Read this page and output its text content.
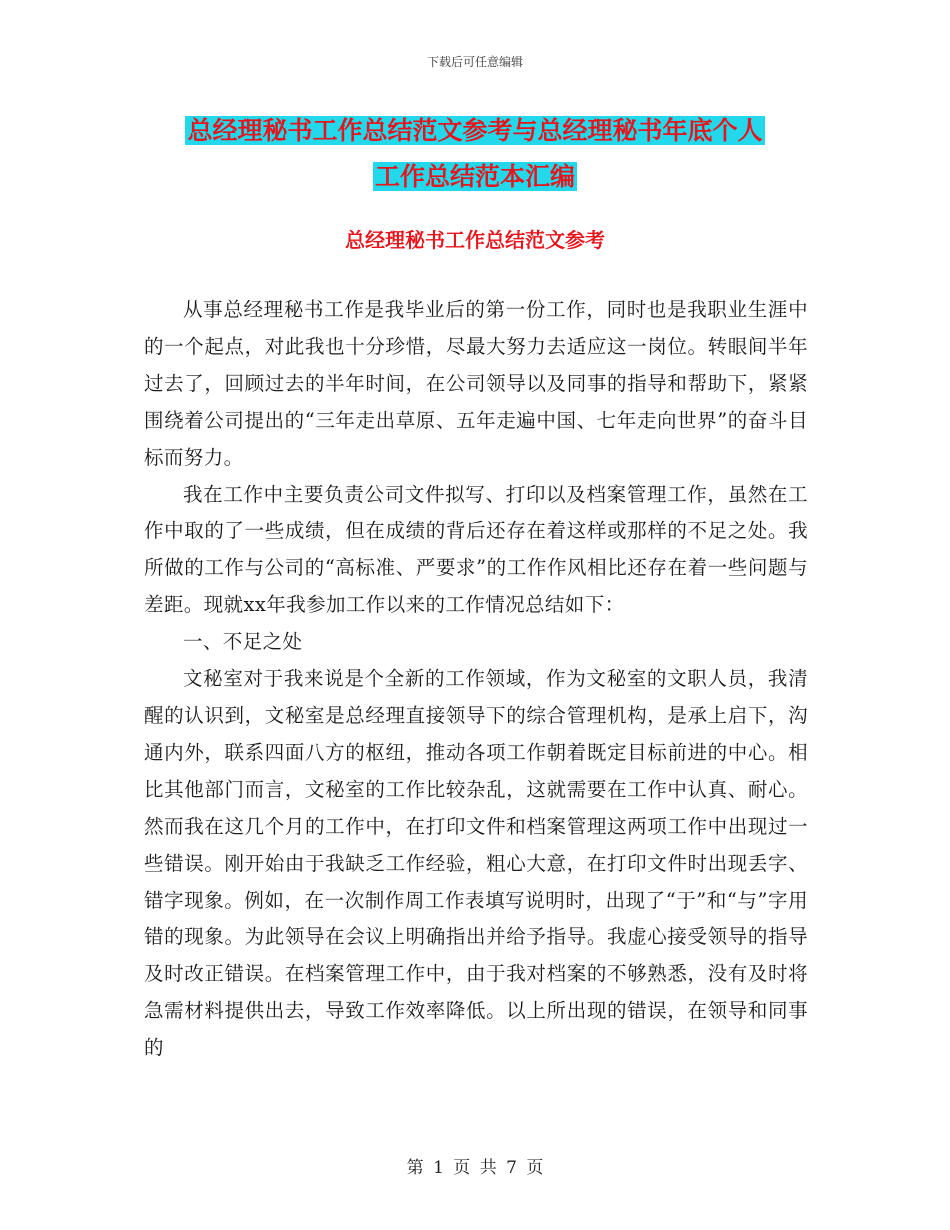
下载后可任意编辑
总经理秘书工作总结范文参考与总经理秘书年底个人
工作总结范本汇编
总经理秘书工作总结范文参考

从事总经理秘书工作是我毕业后的第一份工作，同时也是我职业生涯中的一个起点，对此我也十分珍惜，尽最大努力去适应这一岗位。转眼间半年过去了，回顾过去的半年时间，在公司领导以及同事的指导和帮助下，紧紧围绕着公司提出的“三年走出草原、五年走遍中国、七年走向世界”的奋斗目标而努力。

我在工作中主要负责公司文件拟写、打印以及档案管理工作，虽然在工作中取的了一些成绩，但在成绩的背后还存在着这样或那样的不足之处。我所做的工作与公司的“高标准、严要求”的工作作风相比还存在着一些问题与差距。现就xx年我参加工作以来的工作情况总结如下：

一、不足之处

文秘室对于我来说是个全新的工作领域，作为文秘室的文职人员，我清醒的认识到，文秘室是总经理直接领导下的综合管理机构，是承上启下，沟通内外，联系四面八方的枢纽，推动各项工作朝着既定目标前进的中心。相比其他部门而言，文秘室的工作比较杂乱，这就需要在工作中认真、耐心。然而我在这几个月的工作中，在打印文件和档案管理这两项工作中出现过一些错误。刚开始由于我缺乏工作经验，粗心大意，在打印文件时出现丢字、错字现象。例如，在一次制作周工作表填写说明时，出现了“于”和“与”字用错的现象。为此领导在会议上明确指出并给予指导。我虚心接受领导的指导及时改正错误。在档案管理工作中，由于我对档案的不够熟悉，没有及时将急需材料提供出去，导致工作效率降低。以上所出现的错误，在领导和同事的

第 1 页 共 7 页
